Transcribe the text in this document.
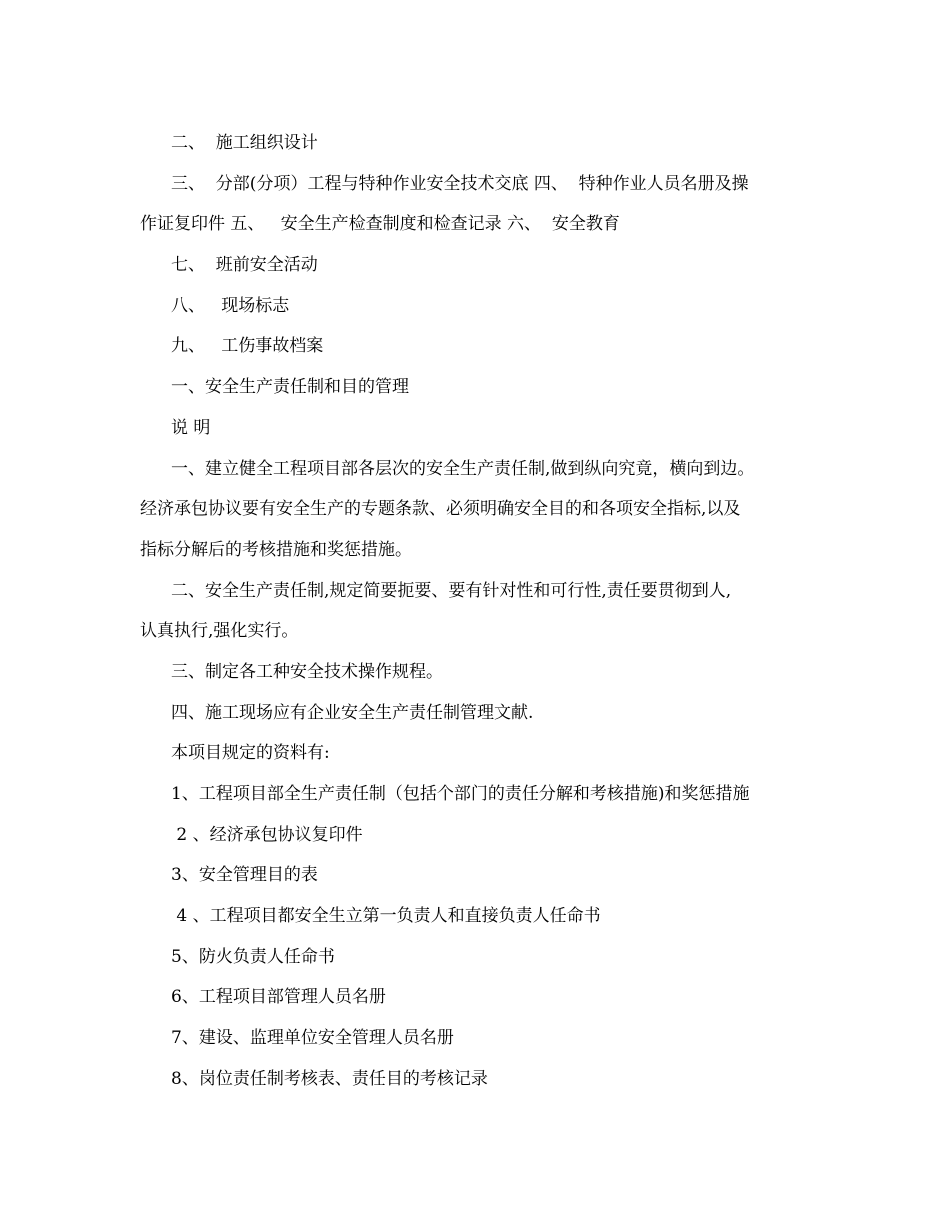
二、  施工组织设计
三、  分部(分项）工程与特种作业安全技术交底 四、  特种作业人员名册及操
作证复印件 五、   安全生产检查制度和检查记录 六、  安全教育
七、  班前安全活动
八、   现场标志
九、   工伤事故档案
一、安全生产责任制和目的管理
说 明
一、建立健全工程项目部各层次的安全生产责任制,做到纵向究竟，横向到边。
经济承包协议要有安全生产的专题条款、必须明确安全目的和各项安全指标,以及
指标分解后的考核措施和奖惩措施。
二、安全生产责任制,规定简要扼要、要有针对性和可行性,责任要贯彻到人,
认真执行,强化实行。
三、制定各工种安全技术操作规程。
四、施工现场应有企业安全生产责任制管理文献.
本项目规定的资料有:
1、工程项目部全生产责任制（包括个部门的责任分解和考核措施)和奖惩措施
2 、经济承包协议复印件
3、安全管理目的表
4 、工程项目都安全生立第一负责人和直接负责人任命书
5、防火负责人任命书
6、工程项目部管理人员名册
7、建设、监理单位安全管理人员名册
8、岗位责任制考核表、责任目的考核记录
